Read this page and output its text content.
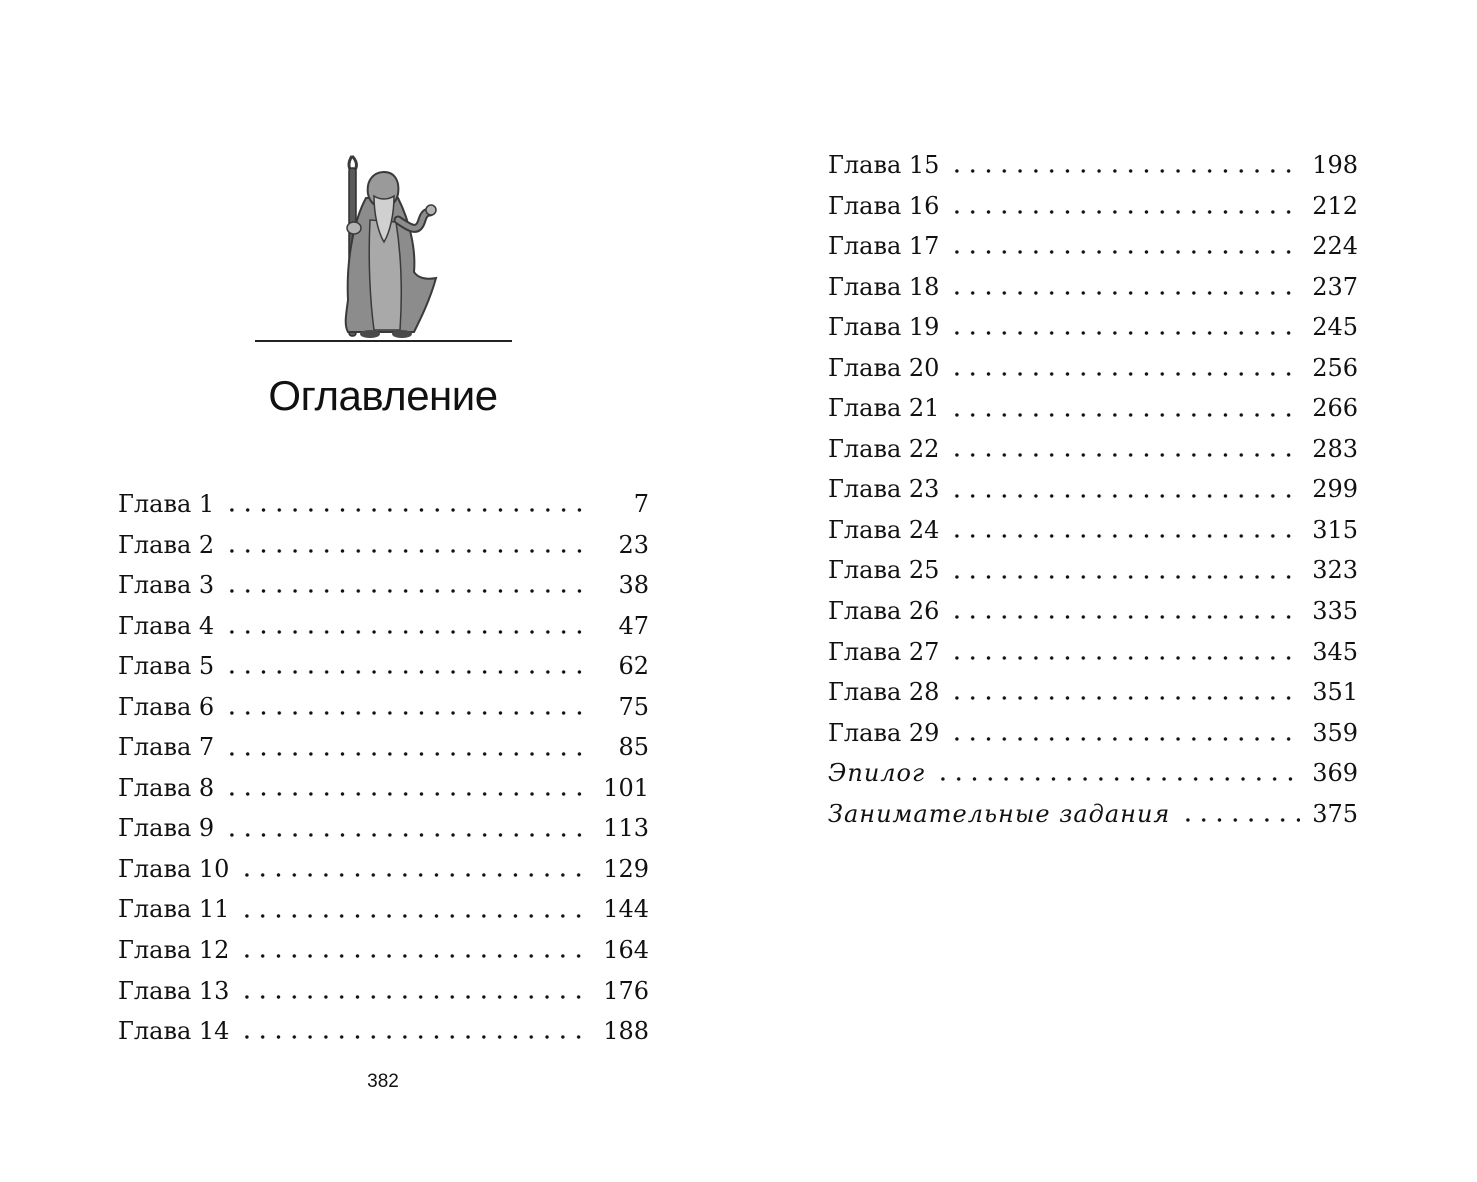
Оглавление
Глава 1	7
Глава 2	23
Глава 3	38
Глава 4	47
Глава 5	62
Глава 6	75
Глава 7	85
Глава 8	101
Глава 9	113
Глава 10	129
Глава 11	144
Глава 12	164
Глава 13	176
Глава 14	188
382
Глава 15	198
Глава 16	212
Глава 17	224
Глава 18	237
Глава 19	245
Глава 20	256
Глава 21	266
Глава 22	283
Глава 23	299
Глава 24	315
Глава 25	323
Глава 26	335
Глава 27	345
Глава 28	351
Глава 29	359
Эпилог	369
Занимательные задания	375
